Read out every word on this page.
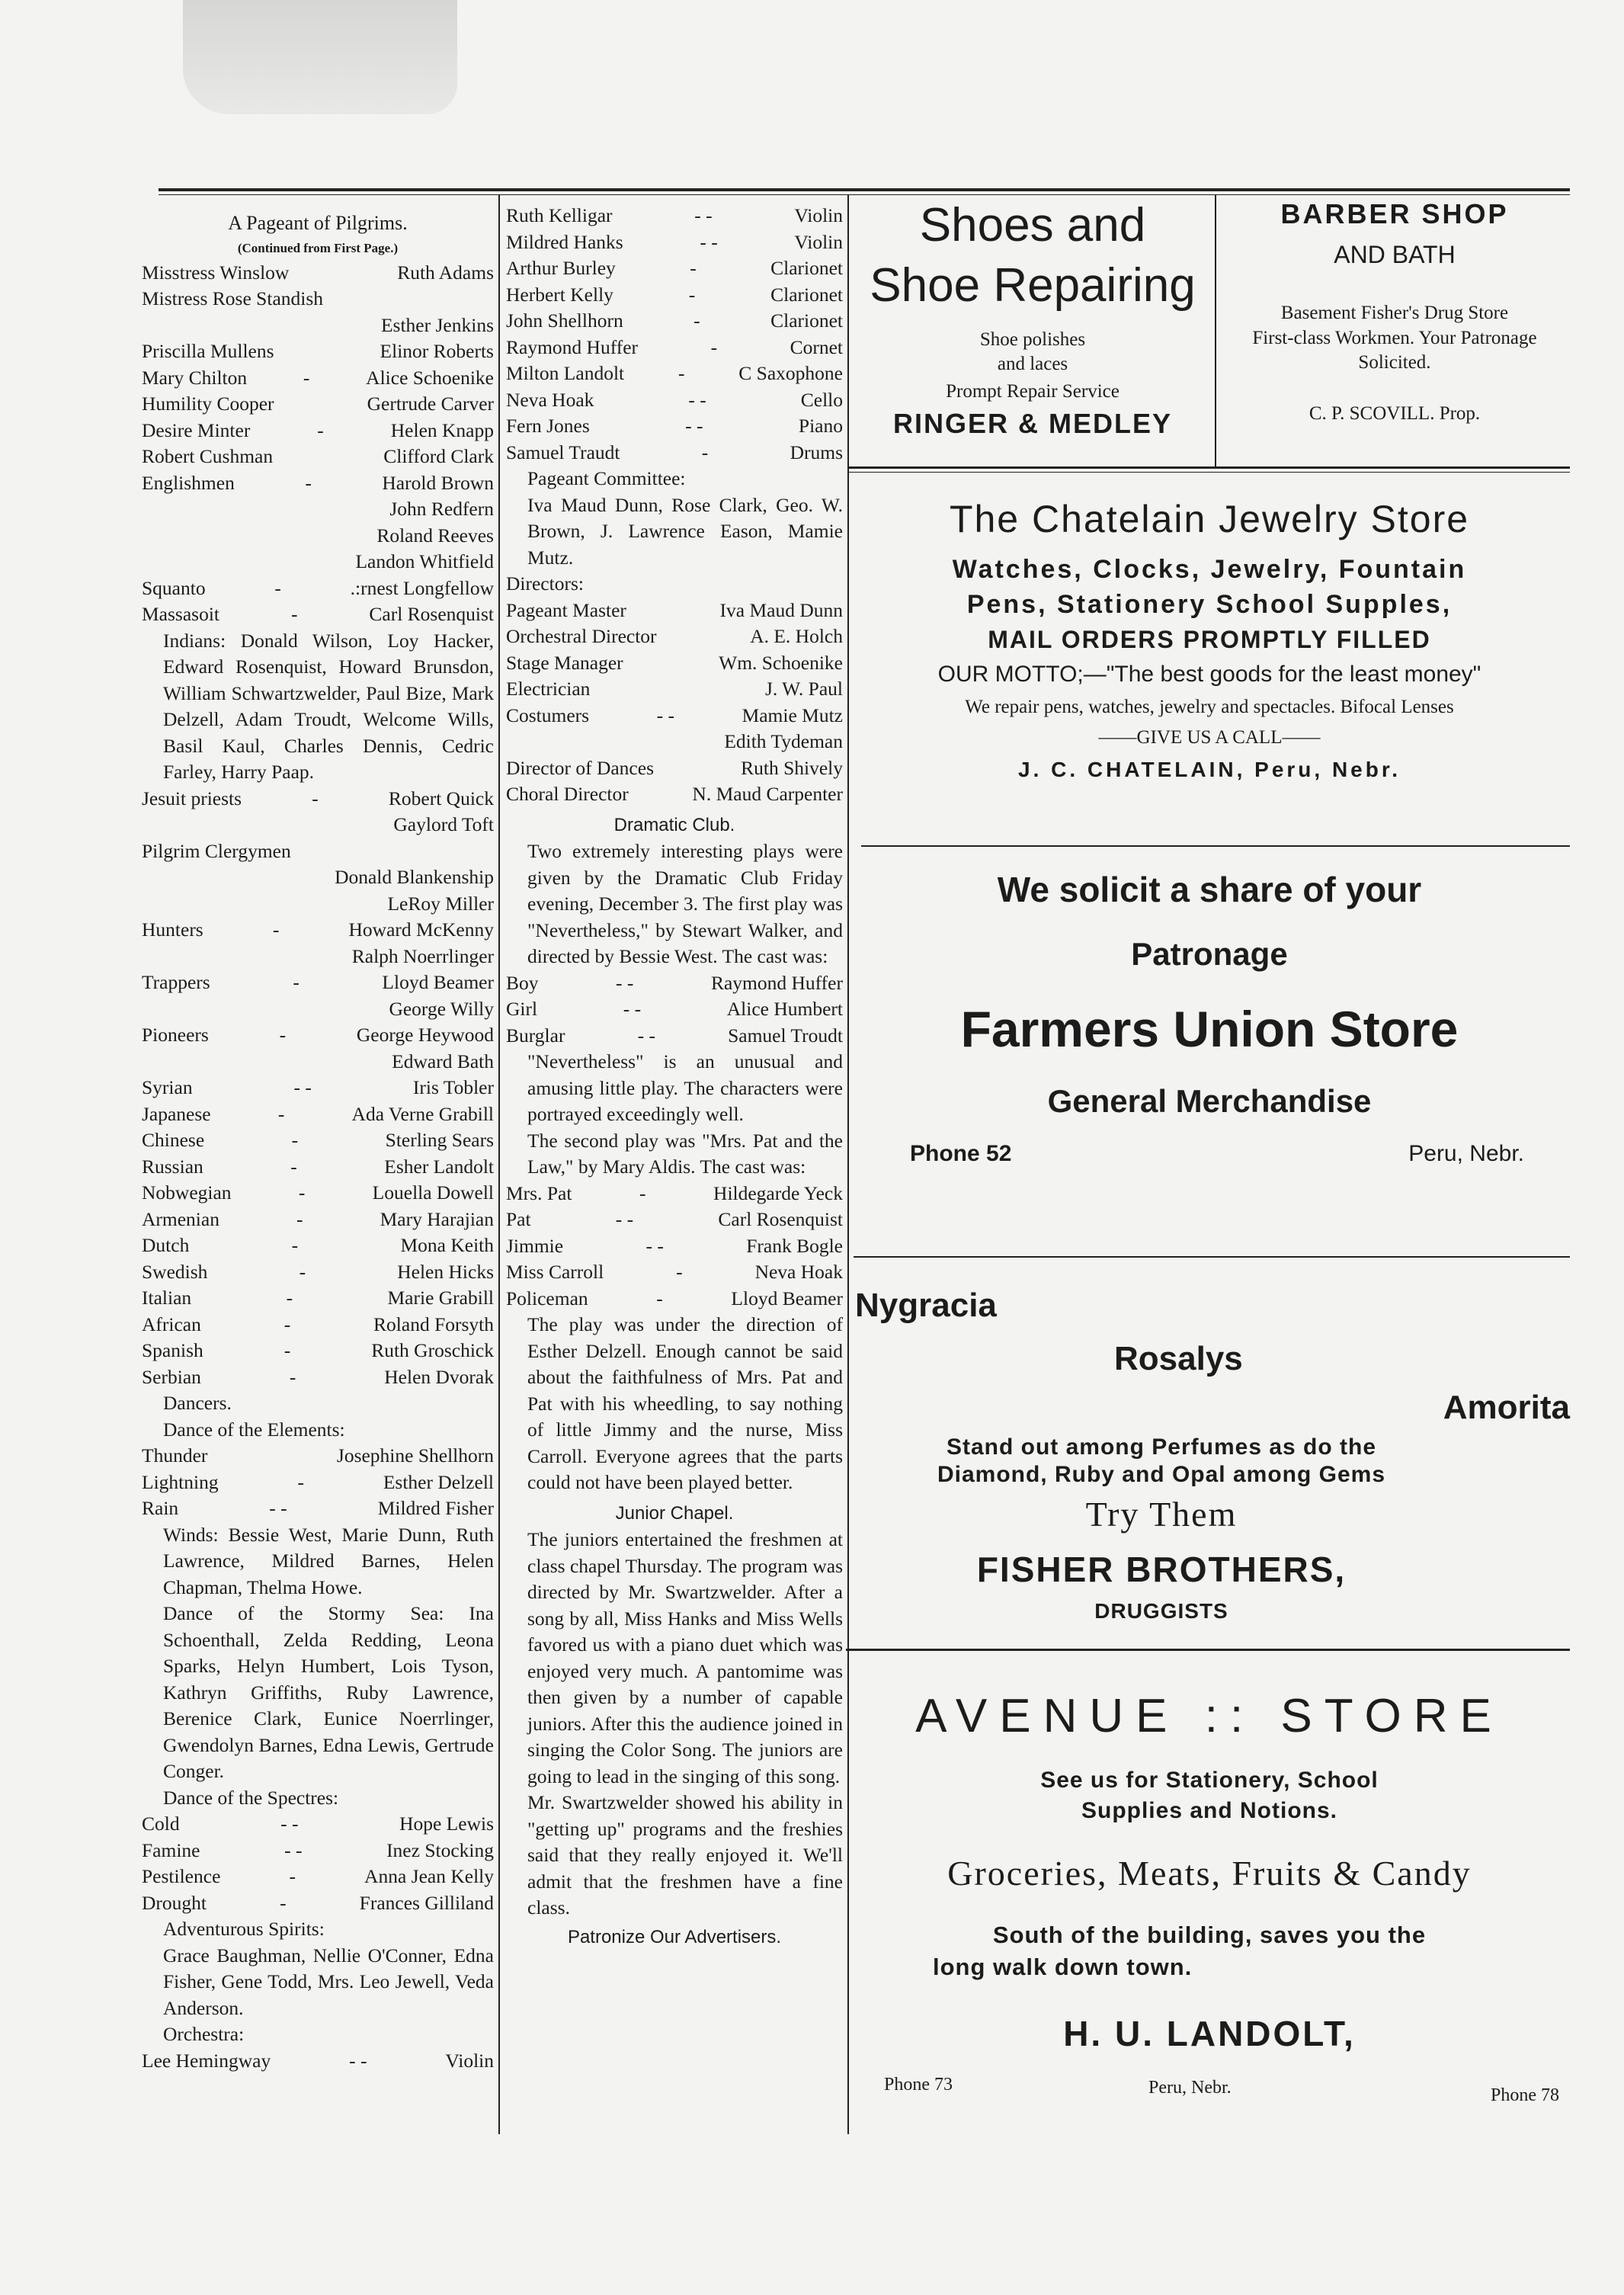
A Pageant of Pilgrims.
(Continued from First Page.)
Misstress Winslow	Ruth Adams
Mistress Rose Standish
Esther Jenkins
Priscilla Mullens	Elinor Roberts
Mary Chilton	-	Alice Schoenike
Humility Cooper	Gertrude Carver
Desire Minter	-	Helen Knapp
Robert Cushman	Clifford Clark
Englishmen	-	Harold Brown
John Redfern
Roland Reeves
Landon Whitfield
Squanto	-	.:rnest Longfellow
Massasoit	-	Carl Rosenquist
Indians: Donald Wilson, Loy Hacker, Edward Rosenquist, Howard Brunsdon, William Schwartzwelder, Paul Bize, Mark Delzell, Adam Troudt, Welcome Wills, Basil Kaul, Charles Dennis, Cedric Farley, Harry Paap.
Jesuit priests	-	Robert Quick
Gaylord Toft
Pilgrim Clergymen
Donald Blankenship
LeRoy Miller
Hunters	-	Howard McKenny
Ralph Noerrlinger
Trappers	-	Lloyd Beamer
George Willy
Pioneers	-	George Heywood
Edward Bath
Syrian	- -	Iris Tobler
Japanese	-	Ada Verne Grabill
Chinese	-	Sterling Sears
Russian	-	Esher Landolt
Nobwegian	-	Louella Dowell
Armenian	-	Mary Harajian
Dutch	-	Mona Keith
Swedish	-	Helen Hicks
Italian	-	Marie Grabill
African	-	Roland Forsyth
Spanish	-	Ruth Groschick
Serbian	-	Helen Dvorak
Dancers.
Dance of the Elements:
Thunder	Josephine Shellhorn
Lightning	-	Esther Delzell
Rain	- -	Mildred Fisher
Winds: Bessie West, Marie Dunn, Ruth Lawrence, Mildred Barnes, Helen Chapman, Thelma Howe.
Dance of the Stormy Sea: Ina Schoenthall, Zelda Redding, Leona Sparks, Helyn Humbert, Lois Tyson, Kathryn Griffiths, Ruby Lawrence, Berenice Clark, Eunice Noerrlinger, Gwendolyn Barnes, Edna Lewis, Gertrude Conger.
Dance of the Spectres:
Cold	- -	Hope Lewis
Famine	- -	Inez Stocking
Pestilence	-	Anna Jean Kelly
Drought	-	Frances Gilliland
Adventurous Spirits:
Grace Baughman, Nellie O'Conner, Edna Fisher, Gene Todd, Mrs. Leo Jewell, Veda Anderson.
Orchestra:
Lee Hemingway	- -	Violin
Ruth Kelligar	- -	Violin
Mildred Hanks	- -	Violin
Arthur Burley	-	Clarionet
Herbert Kelly	-	Clarionet
John Shellhorn	-	Clarionet
Raymond Huffer	-	Cornet
Milton Landolt	-	C Saxophone
Neva Hoak	- -	Cello
Fern Jones	- -	Piano
Samuel Traudt	-	Drums
Pageant Committee:
Iva Maud Dunn, Rose Clark, Geo. W. Brown, J. Lawrence Eason, Mamie Mutz.
Directors:
Pageant Master	Iva Maud Dunn
Orchestral Director	A. E. Holch
Stage Manager	Wm. Schoenike
Electrician	J. W. Paul
Costumers	- -	Mamie Mutz
Edith Tydeman
Director of Dances	Ruth Shively
Choral Director	N. Maud Carpenter
Dramatic Club.
Two extremely interesting plays were given by the Dramatic Club Friday evening, December 3. The first play was "Nevertheless," by Stewart Walker, and directed by Bessie West. The cast was:
Boy	- -	Raymond Huffer
Girl	- -	Alice Humbert
Burglar	- -	Samuel Troudt
"Nevertheless" is an unusual and amusing little play. The characters were portrayed exceedingly well.
The second play was "Mrs. Pat and the Law," by Mary Aldis. The cast was:
Mrs. Pat	-	Hildegarde Yeck
Pat	- -	Carl Rosenquist
Jimmie	- -	Frank Bogle
Miss Carroll	-	Neva Hoak
Policeman	-	Lloyd Beamer
The play was under the direction of Esther Delzell. Enough cannot be said about the faithfulness of Mrs. Pat and Pat with his wheedling, to say nothing of little Jimmy and the nurse, Miss Carroll. Everyone agrees that the parts could not have been played better.
Junior Chapel.
The juniors entertained the freshmen at class chapel Thursday. The program was directed by Mr. Swartzwelder. After a song by all, Miss Hanks and Miss Wells favored us with a piano duet which was enjoyed very much. A pantomime was then given by a number of capable juniors. After this the audience joined in singing the Color Song. The juniors are going to lead in the singing of this song.
Mr. Swartzwelder showed his ability in "getting up" programs and the freshies said that they really enjoyed it. We'll admit that the freshmen have a fine class.
Patronize Our Advertisers.
Shoes and
Shoe Repairing
Shoe polishes
and laces
Prompt Repair Service
RINGER & MEDLEY
BARBER SHOP
AND BATH
Basement Fisher's Drug Store
First-class Workmen. Your Patronage Solicited.
C. P. SCOVILL. Prop.
The Chatelain Jewelry Store
Watches, Clocks, Jewelry, Fountain
Pens, Stationery School Supples,
MAIL ORDERS PROMPTLY FILLED
OUR MOTTO;—"The best goods for the least money"
We repair pens, watches, jewelry and spectacles. Bifocal Lenses
——GIVE US A CALL——
J. C. CHATELAIN, Peru, Nebr.
We solicit a share of your
Patronage
Farmers Union Store
General Merchandise
Phone 52	Peru, Nebr.
Nygracia
Rosalys
Amorita
Stand out among Perfumes as do the
Diamond, Ruby and Opal among Gems
Try Them
FISHER BROTHERS,
DRUGGISTS
AVENUE :: STORE
See us for Stationery, School
Supplies and Notions.
Groceries, Meats, Fruits & Candy
South of the building, saves you the
long walk down town.
H. U. LANDOLT,
Phone 73	Peru, Nebr.	Phone 78
